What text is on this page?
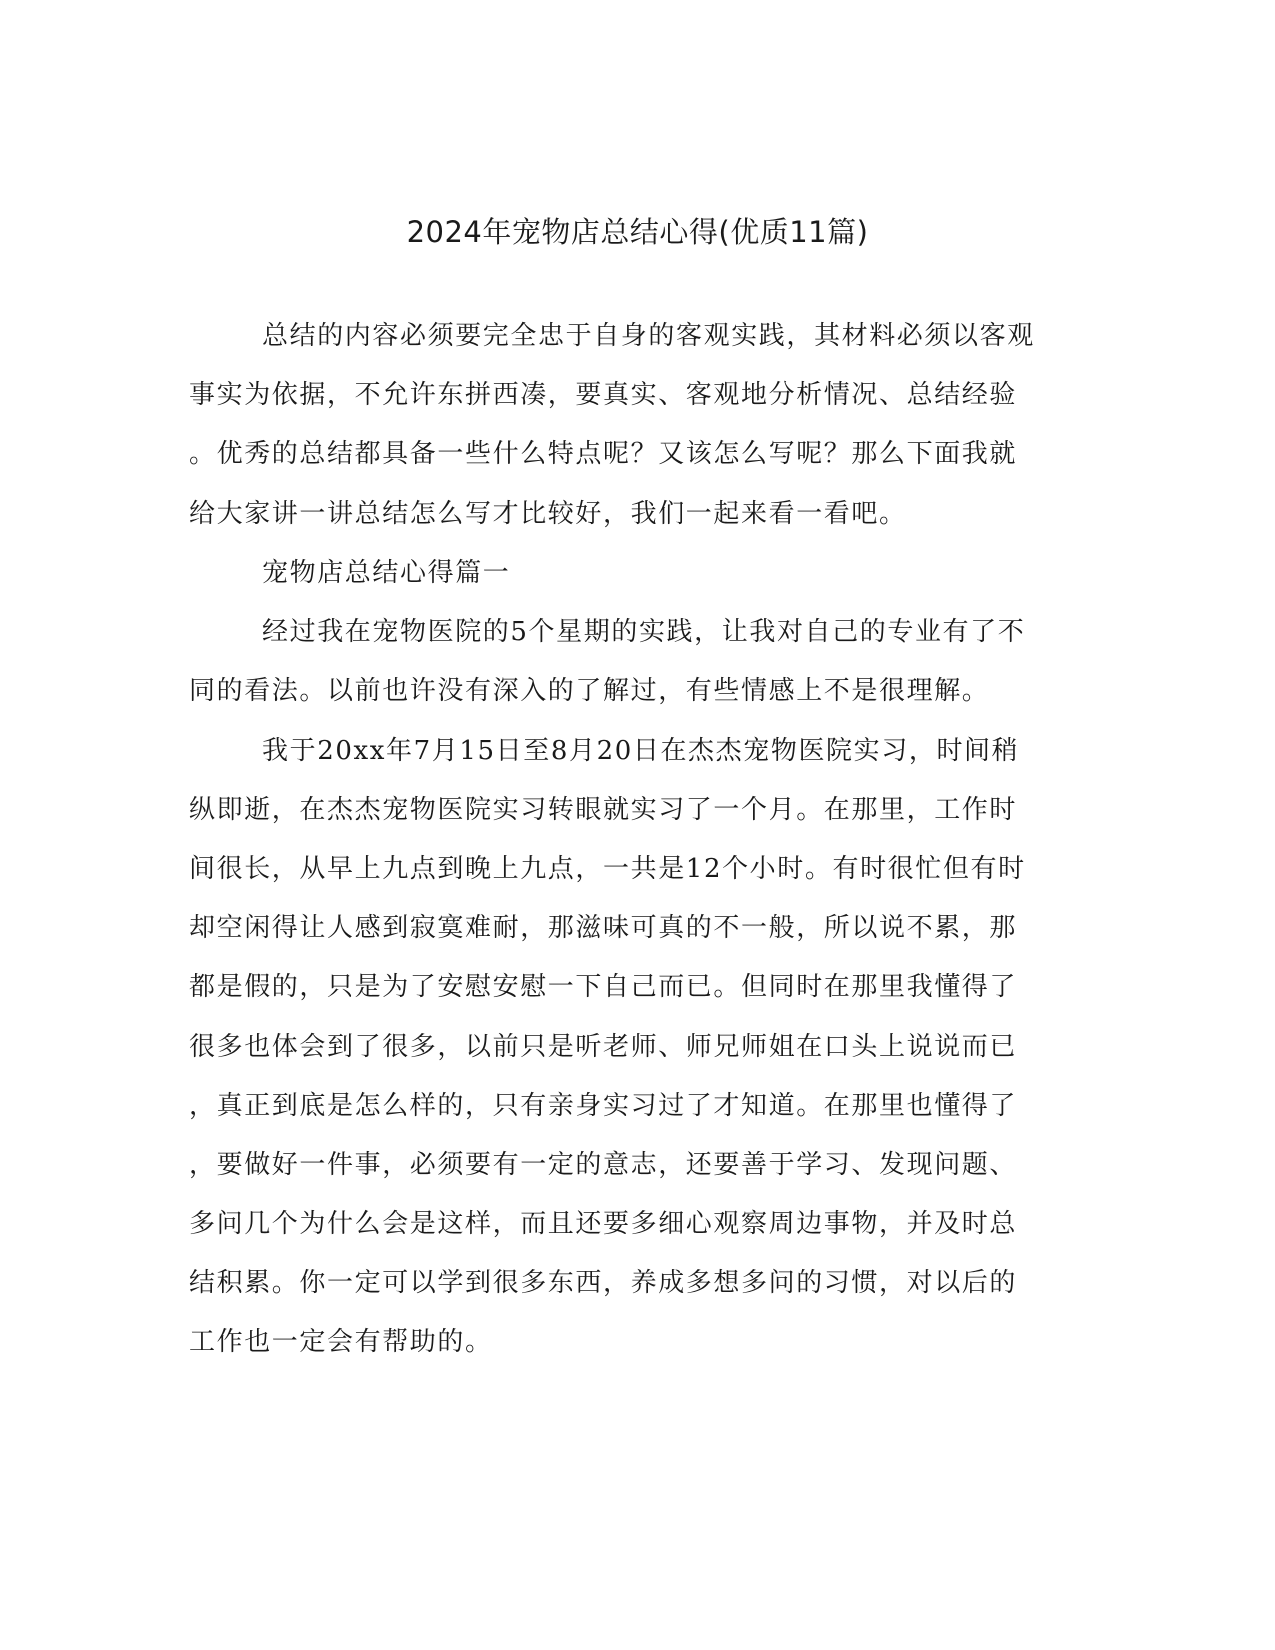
2024年宠物店总结心得(优质11篇)
总结的内容必须要完全忠于自身的客观实践，其材料必须以客观
事实为依据，不允许东拼西凑，要真实、客观地分析情况、总结经验
。优秀的总结都具备一些什么特点呢？又该怎么写呢？那么下面我就
给大家讲一讲总结怎么写才比较好，我们一起来看一看吧。
宠物店总结心得篇一
经过我在宠物医院的5个星期的实践，让我对自己的专业有了不
同的看法。以前也许没有深入的了解过，有些情感上不是很理解。
我于20xx年7月15日至8月20日在杰杰宠物医院实习，时间稍
纵即逝，在杰杰宠物医院实习转眼就实习了一个月。在那里，工作时
间很长，从早上九点到晚上九点，一共是12个小时。有时很忙但有时
却空闲得让人感到寂寞难耐，那滋味可真的不一般，所以说不累，那
都是假的，只是为了安慰安慰一下自己而已。但同时在那里我懂得了
很多也体会到了很多，以前只是听老师、师兄师姐在口头上说说而已
，真正到底是怎么样的，只有亲身实习过了才知道。在那里也懂得了
，要做好一件事，必须要有一定的意志，还要善于学习、发现问题、
多问几个为什么会是这样，而且还要多细心观察周边事物，并及时总
结积累。你一定可以学到很多东西，养成多想多问的习惯，对以后的
工作也一定会有帮助的。
